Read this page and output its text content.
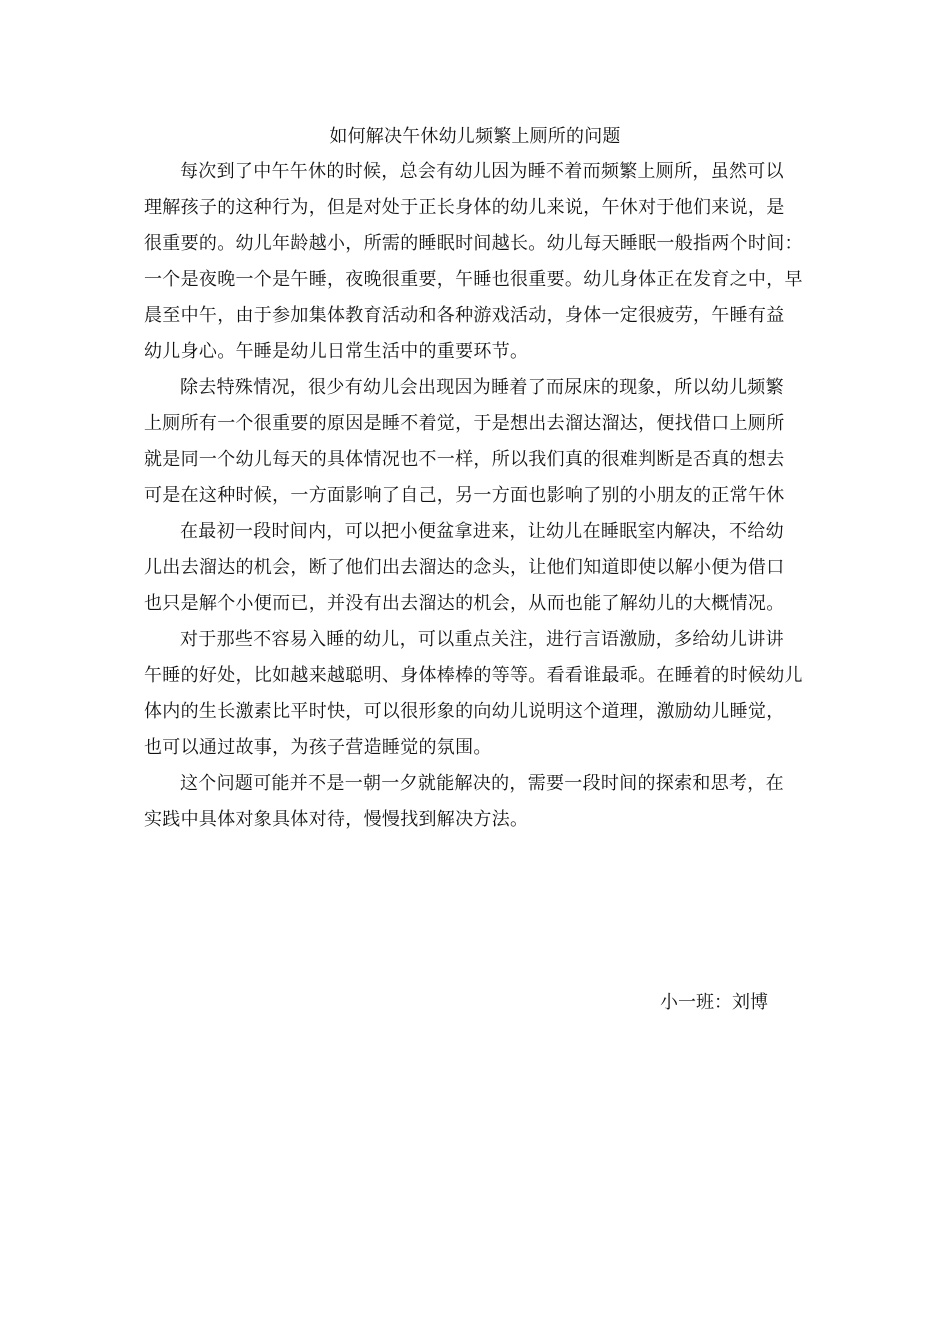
如何解决午休幼儿频繁上厕所的问题
每次到了中午午休的时候，总会有幼儿因为睡不着而频繁上厕所，虽然可以
理解孩子的这种行为，但是对处于正长身体的幼儿来说，午休对于他们来说，是
很重要的。幼儿年龄越小，所需的睡眠时间越长。幼儿每天睡眠一般指两个时间：
一个是夜晚一个是午睡，夜晚很重要，午睡也很重要。幼儿身体正在发育之中，早
晨至中午，由于参加集体教育活动和各种游戏活动，身体一定很疲劳，午睡有益
幼儿身心。午睡是幼儿日常生活中的重要环节。
除去特殊情况，很少有幼儿会出现因为睡着了而尿床的现象，所以幼儿频繁
上厕所有一个很重要的原因是睡不着觉，于是想出去溜达溜达，便找借口上厕所
就是同一个幼儿每天的具体情况也不一样，所以我们真的很难判断是否真的想去
可是在这种时候，一方面影响了自己，另一方面也影响了别的小朋友的正常午休
在最初一段时间内，可以把小便盆拿进来，让幼儿在睡眠室内解决，不给幼
儿出去溜达的机会，断了他们出去溜达的念头，让他们知道即使以解小便为借口
也只是解个小便而已，并没有出去溜达的机会，从而也能了解幼儿的大概情况。
对于那些不容易入睡的幼儿，可以重点关注，进行言语激励，多给幼儿讲讲
午睡的好处，比如越来越聪明、身体棒棒的等等。看看谁最乖。在睡着的时候幼儿
体内的生长激素比平时快，可以很形象的向幼儿说明这个道理，激励幼儿睡觉，
也可以通过故事，为孩子营造睡觉的氛围。
这个问题可能并不是一朝一夕就能解决的，需要一段时间的探索和思考，在
实践中具体对象具体对待，慢慢找到解决方法。
小一班：刘博
